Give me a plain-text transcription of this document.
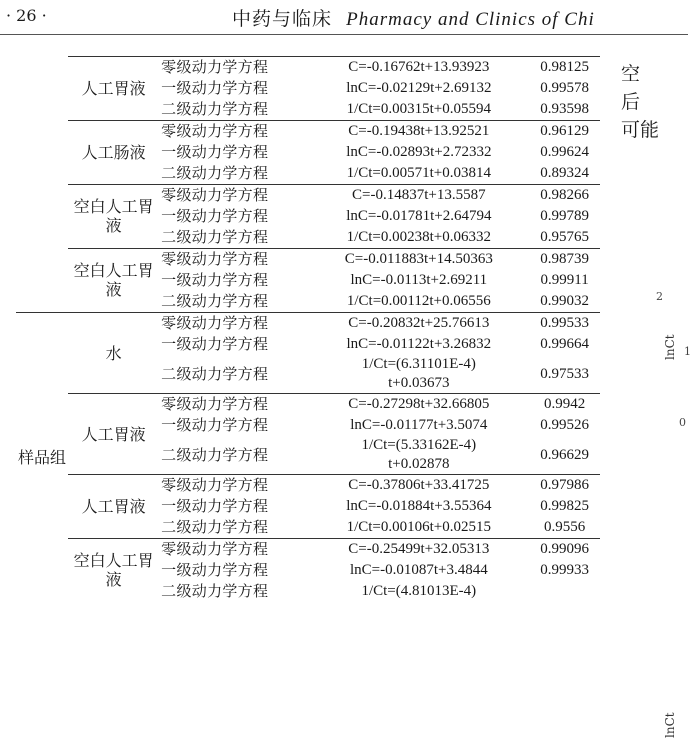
· 26 ·	中药与临床 Pharmacy and Clinics of Chi
	人工胃液	零级动力学方程	C=-0.16762t+13.93923	0.98125
		一级动力学方程	lnC=-0.02129t+2.69132	0.99578
		二级动力学方程	1/Ct=0.00315t+0.05594	0.93598
	人工肠液	零级动力学方程	C=-0.19438t+13.92521	0.96129
		一级动力学方程	lnC=-0.02893t+2.72332	0.99624
		二级动力学方程	1/Ct=0.00571t+0.03814	0.89324
	空白人工胃液	零级动力学方程	C=-0.14837t+13.5587	0.98266
		一级动力学方程	lnC=-0.01781t+2.64794	0.99789
		二级动力学方程	1/Ct=0.00238t+0.06332	0.95765
	空白人工胃液	零级动力学方程	C=-0.011883t+14.50363	0.98739
		一级动力学方程	lnC=-0.0113t+2.69211	0.99911
		二级动力学方程	1/Ct=0.00112t+0.06556	0.99032
样品组	水	零级动力学方程	C=-0.20832t+25.76613	0.99533
		一级动力学方程	lnC=-0.01122t+3.26832	0.99664
		二级动力学方程	1/Ct=(6.31101E-4) t+0.03673	0.97533
	人工胃液	零级动力学方程	C=-0.27298t+32.66805	0.9942
		一级动力学方程	lnC=-0.01177t+3.5074	0.99526
		二级动力学方程	1/Ct=(5.33162E-4) t+0.02878	0.96629
	人工胃液	零级动力学方程	C=-0.37806t+33.41725	0.97986
		一级动力学方程	lnC=-0.01884t+3.55364	0.99825
		二级动力学方程	1/Ct=0.00106t+0.02515	0.9556
	空白人工胃液	零级动力学方程	C=-0.25499t+32.05313	0.99096
		一级动力学方程	lnC=-0.01087t+3.4844	0.99933
		二级动力学方程	1/Ct=(4.81013E-4)	
空
后
可能
2
1
0
lnCt
lnCt
